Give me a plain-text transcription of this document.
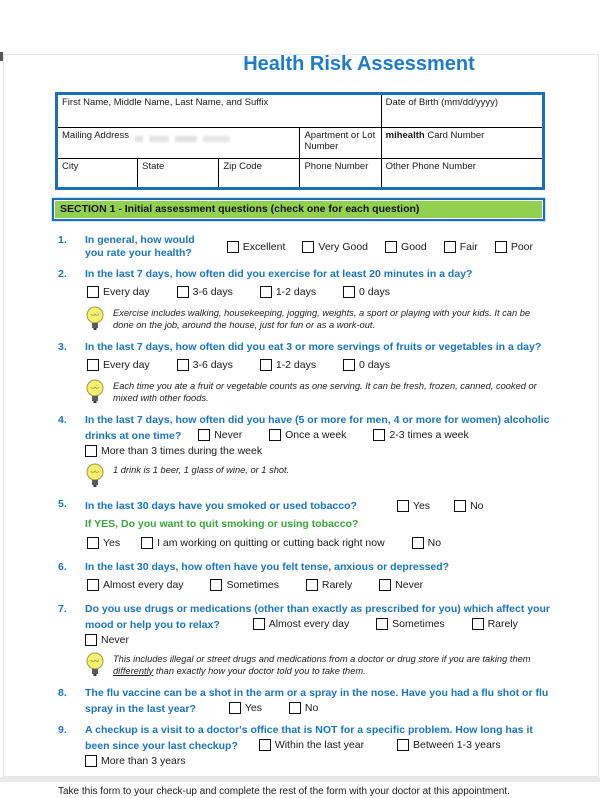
Health Risk Assessment
First Name, Middle Name, Last Name, and Suffix				Date of Birth (mm/dd/yyyy)
Mailing Address			Apartment or Lot Number	mihealth Card Number
City	State	Zip Code	Phone Number	Other Phone Number
SECTION 1 - Initial assessment questions (check one for each question)
1.	In general, how would you rate your health?	Excellent	Very Good	Good	Fair	Poor
2.	In the last 7 days, how often did you exercise for at least 20 minutes in a day?
Every day
	3-6 days
	1-2 days
	0 days
Exercise includes walking, housekeeping, jogging, weights, a sport or playing with your kids. It can be done on the job, around the house, just for fun or as a work-out.
3.	In the last 7 days, how often did you eat 3 or more servings of fruits or vegetables in a day?
Every day
	3-6 days
	1-2 days
	0 days
Each time you ate a fruit or vegetable counts as one serving. It can be fresh, frozen, canned, cooked or mixed with other foods.
4.	In the last 7 days, how often did you have (5 or more for men, 4 or more for women) alcoholic drinks at one time?	Never
	Once a week
	2-3 times a week

More than 3 times during the week
1 drink is 1 beer, 1 glass of wine, or 1 shot.
5.	In the last 30 days have you smoked or used tobacco?	Yes	No
If YES, Do you want to quit smoking or using tobacco?
Yes
	I am working on quitting or cutting back right now
	No
6.	In the last 30 days, how often have you felt tense, anxious or depressed?
Almost every day
	Sometimes
	Rarely
	Never
7.	Do you use drugs or medications (other than exactly as prescribed for you) which affect your mood or help you to relax?	Almost every day
	Sometimes
	Rarely

Never
This includes illegal or street drugs and medications from a doctor or drug store if you are taking them differently than exactly how your doctor told you to take them.
8.	The flu vaccine can be a shot in the arm or a spray in the nose. Have you had a flu shot or flu spray in the last year?	Yes
	No
9.	A checkup is a visit to a doctor's office that is NOT for a specific problem. How long has it been since your last checkup?	Within the last year
	Between 1-3 years

More than 3 years
Take this form to your check-up and complete the rest of the form with your doctor at this appointment.
